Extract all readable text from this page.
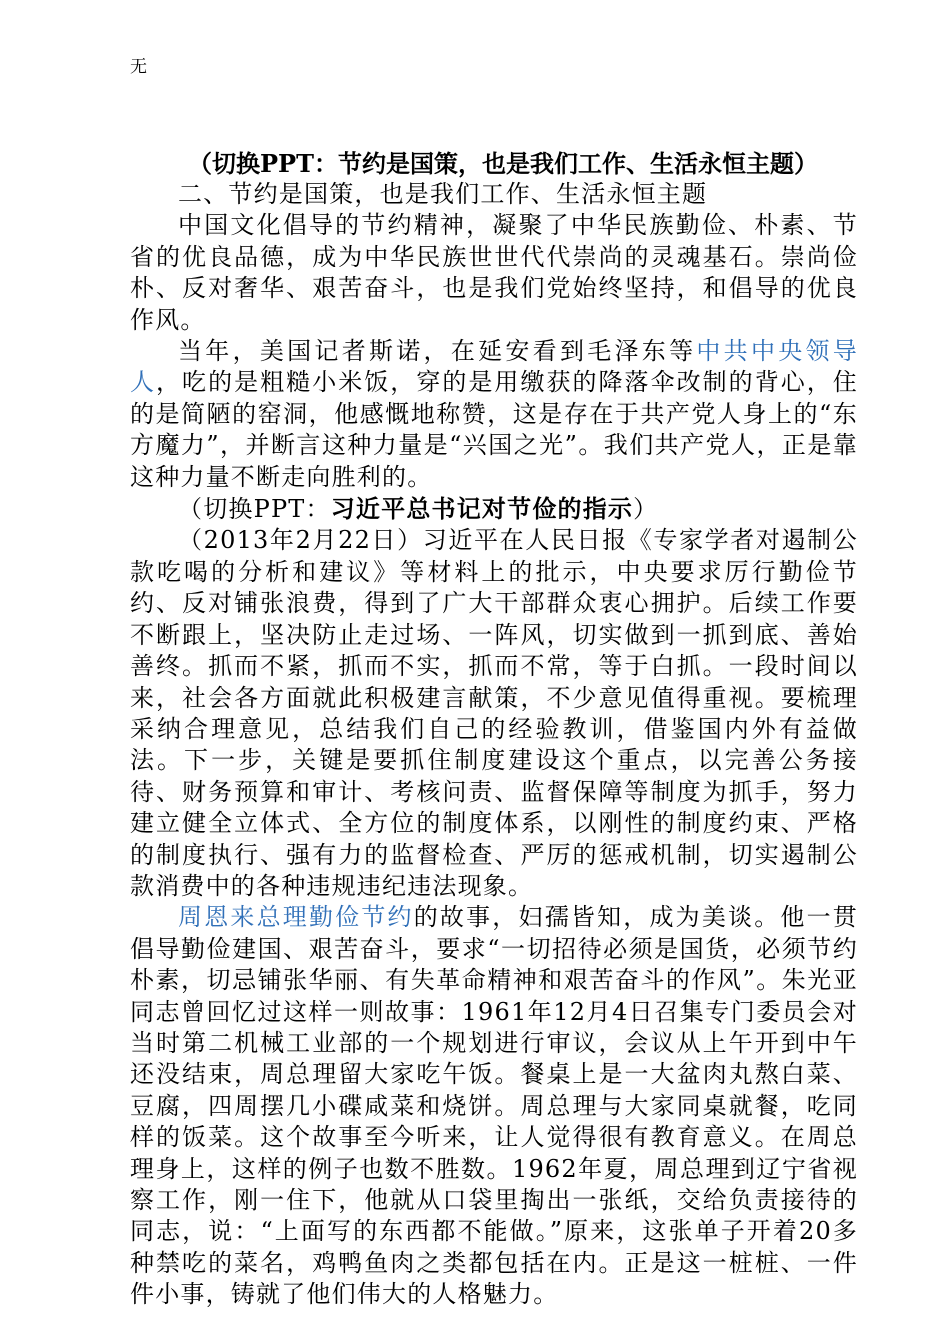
无
（切换PPT：节约是国策，也是我们工作、生活永恒主题）

二、节约是国策，也是我们工作、生活永恒主题

中国文化倡导的节约精神，凝聚了中华民族勤俭、朴素、节省的优良品德，成为中华民族世世代代崇尚的灵魂基石。崇尚俭朴、反对奢华、艰苦奋斗，也是我们党始终坚持，和倡导的优良作风。

当年，美国记者斯诺，在延安看到毛泽东等中共中央领导人，吃的是粗糙小米饭，穿的是用缴获的降落伞改制的背心，住的是简陋的窑洞，他感慨地称赞，这是存在于共产党人身上的“东方魔力”，并断言这种力量是“兴国之光”。我们共产党人，正是靠这种力量不断走向胜利的。

（切换PPT：习近平总书记对节俭的指示）

（2013年2月22日）习近平在人民日报《专家学者对遏制公款吃喝的分析和建议》等材料上的批示，中央要求厉行勤俭节约、反对铺张浪费，得到了广大干部群众衷心拥护。后续工作要不断跟上，坚决防止走过场、一阵风，切实做到一抓到底、善始善终。抓而不紧，抓而不实，抓而不常，等于白抓。一段时间以来，社会各方面就此积极建言献策，不少意见值得重视。要梳理采纳合理意见，总结我们自己的经验教训，借鉴国内外有益做法。下一步，关键是要抓住制度建设这个重点，以完善公务接待、财务预算和审计、考核问责、监督保障等制度为抓手，努力建立健全立体式、全方位的制度体系，以刚性的制度约束、严格的制度执行、强有力的监督检查、严厉的惩戒机制，切实遏制公款消费中的各种违规违纪违法现象。

周恩来总理勤俭节约的故事，妇孺皆知，成为美谈。他一贯倡导勤俭建国、艰苦奋斗，要求“一切招待必须是国货，必须节约朴素，切忌铺张华丽、有失革命精神和艰苦奋斗的作风”。朱光亚同志曾回忆过这样一则故事：1961年12月4日召集专门委员会对当时第二机械工业部的一个规划进行审议，会议从上午开到中午还没结束，周总理留大家吃午饭。餐桌上是一大盆肉丸熬白菜、豆腐，四周摆几小碟咸菜和烧饼。周总理与大家同桌就餐，吃同样的饭菜。这个故事至今听来，让人觉得很有教育意义。在周总理身上，这样的例子也数不胜数。1962年夏，周总理到辽宁省视察工作，刚一住下，他就从口袋里掏出一张纸，交给负责接待的同志，说：“上面写的东西都不能做。”原来，这张单子开着20多种禁吃的菜名，鸡鸭鱼肉之类都包括在内。正是这一桩桩、一件件小事，铸就了他们伟大的人格魅力。
